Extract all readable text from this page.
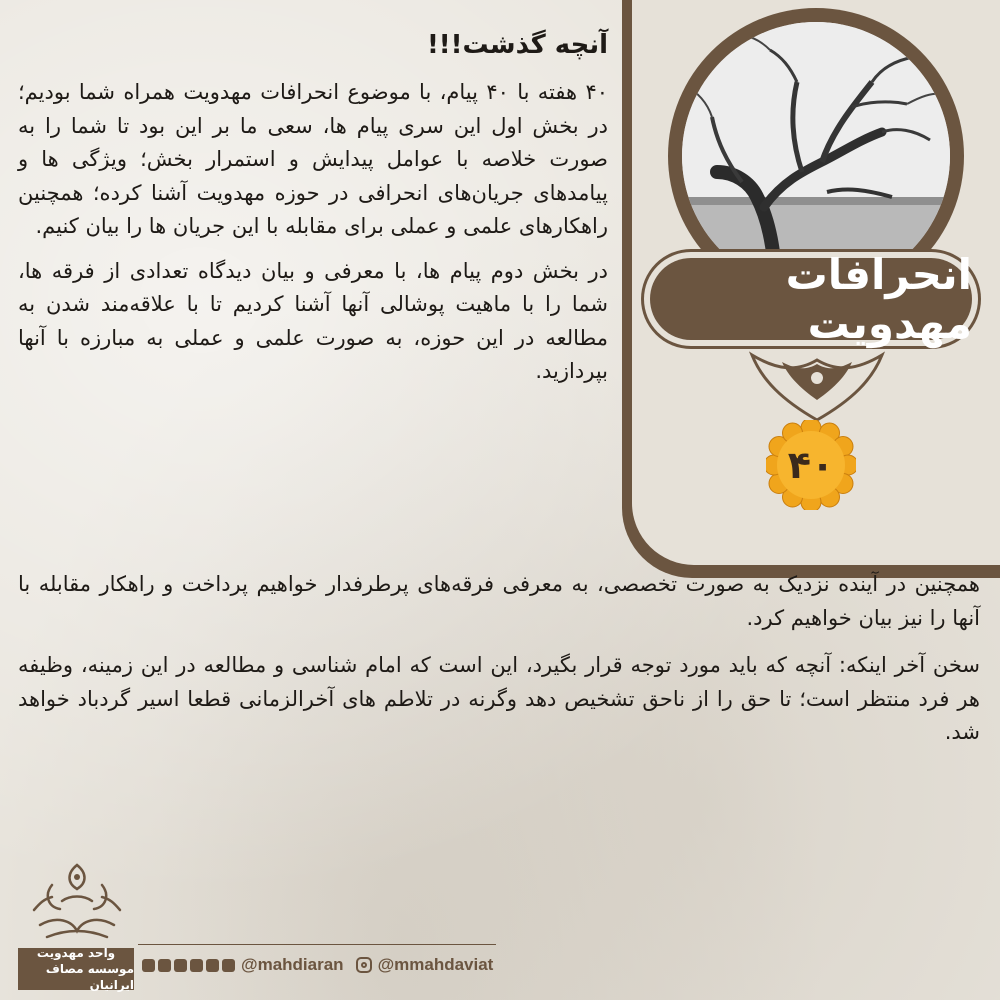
انحرافات مهدویت
۴۰
آنچه گذشت!!!

۴۰ هفته با ۴۰ پیام، با موضوع انحرافات مهدویت همراه شما بودیم؛ در بخش اول این سری پیام ها، سعی ما بر این بود تا شما را به صورت خلاصه با عوامل پیدایش و استمرار بخش؛ ویژگی ها و پیامدهای جریان‌های انحرافی در حوزه مهدویت آشنا کرده؛ همچنین راهکارهای علمی و عملی برای مقابله با این جریان ها را بیان کنیم.

در بخش دوم پیام ها، با معرفی و بیان دیدگاه تعدادی از فرقه ها، شما را با ماهیت پوشالی آنها آشنا کردیم تا با علاقه‌مند شدن به مطالعه در این حوزه، به صورت علمی و عملی به مبارزه با آنها بپردازید.

همچنین در آینده نزدیک به صورت تخصصی، به معرفی فرقه‌های پرطرفدار خواهیم پرداخت و راهکار مقابله با آنها را نیز بیان خواهیم کرد.

سخن آخر اینکه: آنچه که باید مورد توجه قرار بگیرد، این است که امام شناسی و مطالعه در این زمینه، وظیفه هر فرد منتظر است؛ تا حق را از ناحق تشخیص دهد وگرنه در تلاطم های آخرالزمانی قطعا اسیر گردباد خواهد شد.

واحد مهدویت
موسسه مصاف ایرانیان
@mahdiaran @mmahdaviat
